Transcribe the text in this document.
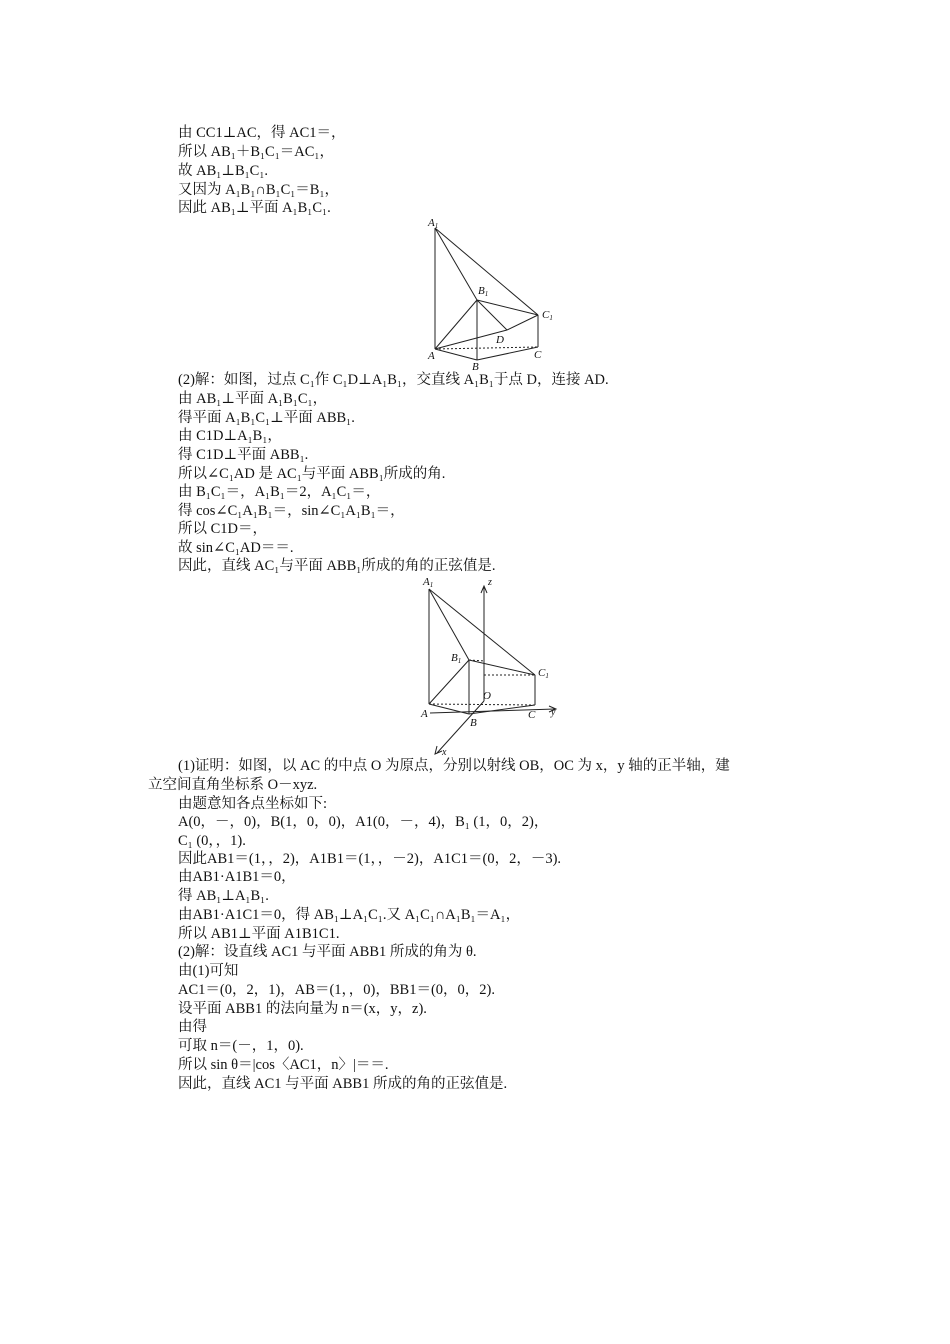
由 CC1⊥AC，得 AC1＝，
所以 AB₁＋B₁C₁＝AC₁，
故 AB₁⊥B₁C₁.
又因为 A₁B₁∩B₁C₁＝B₁，
因此 AB₁⊥平面 A₁B₁C₁.
A1
B1
C1
A
B
C
D
(2)解：如图，过点 C₁作 C₁D⊥A₁B₁，交直线 A₁B₁于点 D，连接 AD.
由 AB₁⊥平面 A₁B₁C₁，
得平面 A₁B₁C₁⊥平面 ABB₁.
由 C1D⊥A₁B₁，
得 C1D⊥平面 ABB₁.
所以∠C₁AD 是 AC₁与平面 ABB₁所成的角.
由 B₁C₁＝，A₁B₁＝2，A₁C₁＝，
得 cos∠C₁A₁B₁＝，sin∠C₁A₁B₁＝，
所以 C1D＝，
故 sin∠C₁AD＝＝.
因此，直线 AC₁与平面 ABB₁所成的角的正弦值是.
A1
B1
C1
A
B
C
O
x
y
z
(1)证明：如图，以 AC 的中点 O 为原点，分别以射线 OB，OC 为 x，y 轴的正半轴，建
立空间直角坐标系 O－xyz.
由题意知各点坐标如下:
A(0，－，0)，B(1，0，0)，A1(0，－，4)，B₁ (1，0，2)，
C₁ (0，，1).
因此AB1＝(1，，2)，A1B1＝(1，，－2)，A1C1＝(0，2，－3).
由AB1·A1B1＝0，
得 AB₁⊥A₁B₁.
由AB1·A1C1＝0，得 AB₁⊥A₁C₁.又 A₁C₁∩A₁B₁＝A₁，
所以 AB1⊥平面 A1B1C1.
(2)解：设直线 AC1 与平面 ABB1 所成的角为 θ.
由(1)可知
AC1＝(0，2，1)，AB＝(1，，0)，BB1＝(0，0，2).
设平面 ABB1 的法向量为 n＝(x，y，z).
由得
可取 n＝(－，1，0).
所以 sin θ＝|cos〈AC1，n〉|＝＝.
因此，直线 AC1 与平面 ABB1 所成的角的正弦值是.
